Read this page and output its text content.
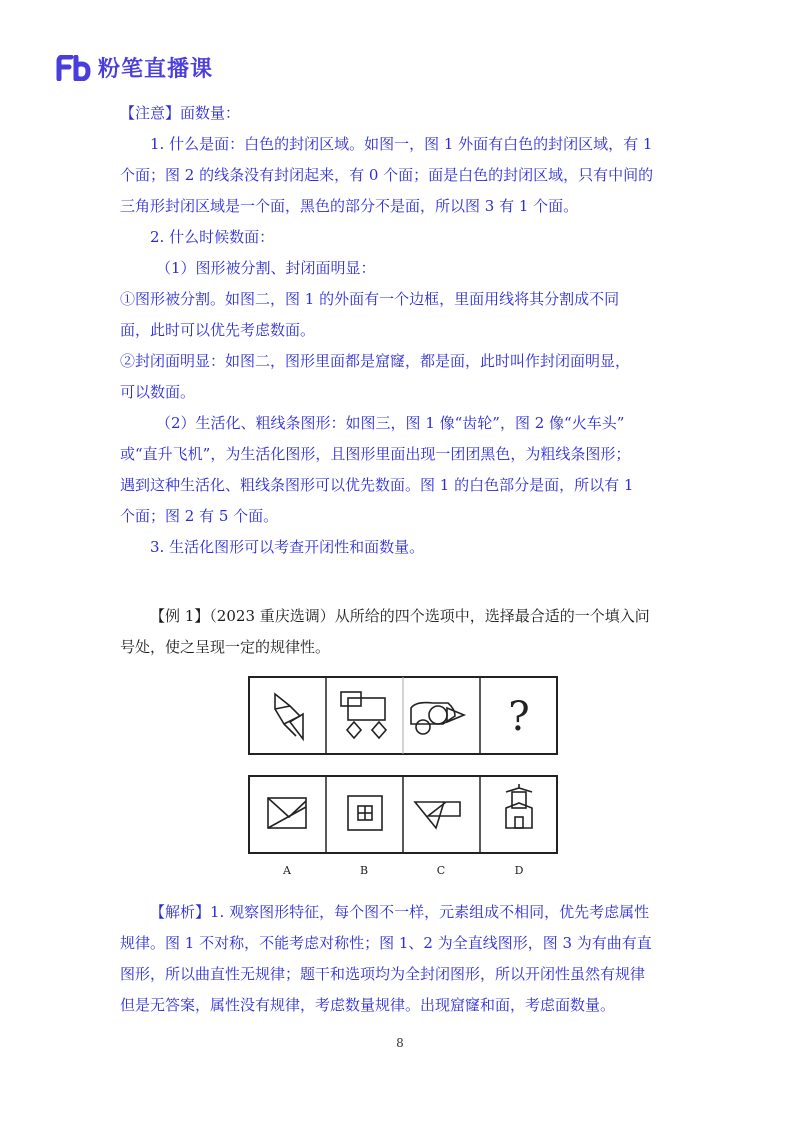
粉笔直播课

【注意】面数量：

1. 什么是面：白色的封闭区域。如图一，图 1 外面有白色的封闭区域，有 1

个面；图 2 的线条没有封闭起来，有 0 个面；面是白色的封闭区域，只有中间的

三角形封闭区域是一个面，黑色的部分不是面，所以图 3 有 1 个面。

2. 什么时候数面：

（1）图形被分割、封闭面明显：

①图形被分割。如图二，图 1 的外面有一个边框，里面用线将其分割成不同

面，此时可以优先考虑数面。

②封闭面明显：如图二，图形里面都是窟窿，都是面，此时叫作封闭面明显，

可以数面。

（2）生活化、粗线条图形：如图三，图 1 像“齿轮”，图 2 像“火车头”

或“直升飞机”，为生活化图形，且图形里面出现一团团黑色，为粗线条图形；

遇到这种生活化、粗线条图形可以优先数面。图 1 的白色部分是面，所以有 1

个面；图 2 有 5 个面。

3. 生活化图形可以考查开闭性和面数量。

【例 1】（2023 重庆选调）从所给的四个选项中，选择最合适的一个填入问

号处，使之呈现一定的规律性。

?
A	B	C	D

【解析】1. 观察图形特征，每个图不一样，元素组成不相同，优先考虑属性

规律。图 1 不对称，不能考虑对称性；图 1、2 为全直线图形，图 3 为有曲有直

图形，所以曲直性无规律；题干和选项均为全封闭图形，所以开闭性虽然有规律

但是无答案，属性没有规律，考虑数量规律。出现窟窿和面，考虑面数量。

8
